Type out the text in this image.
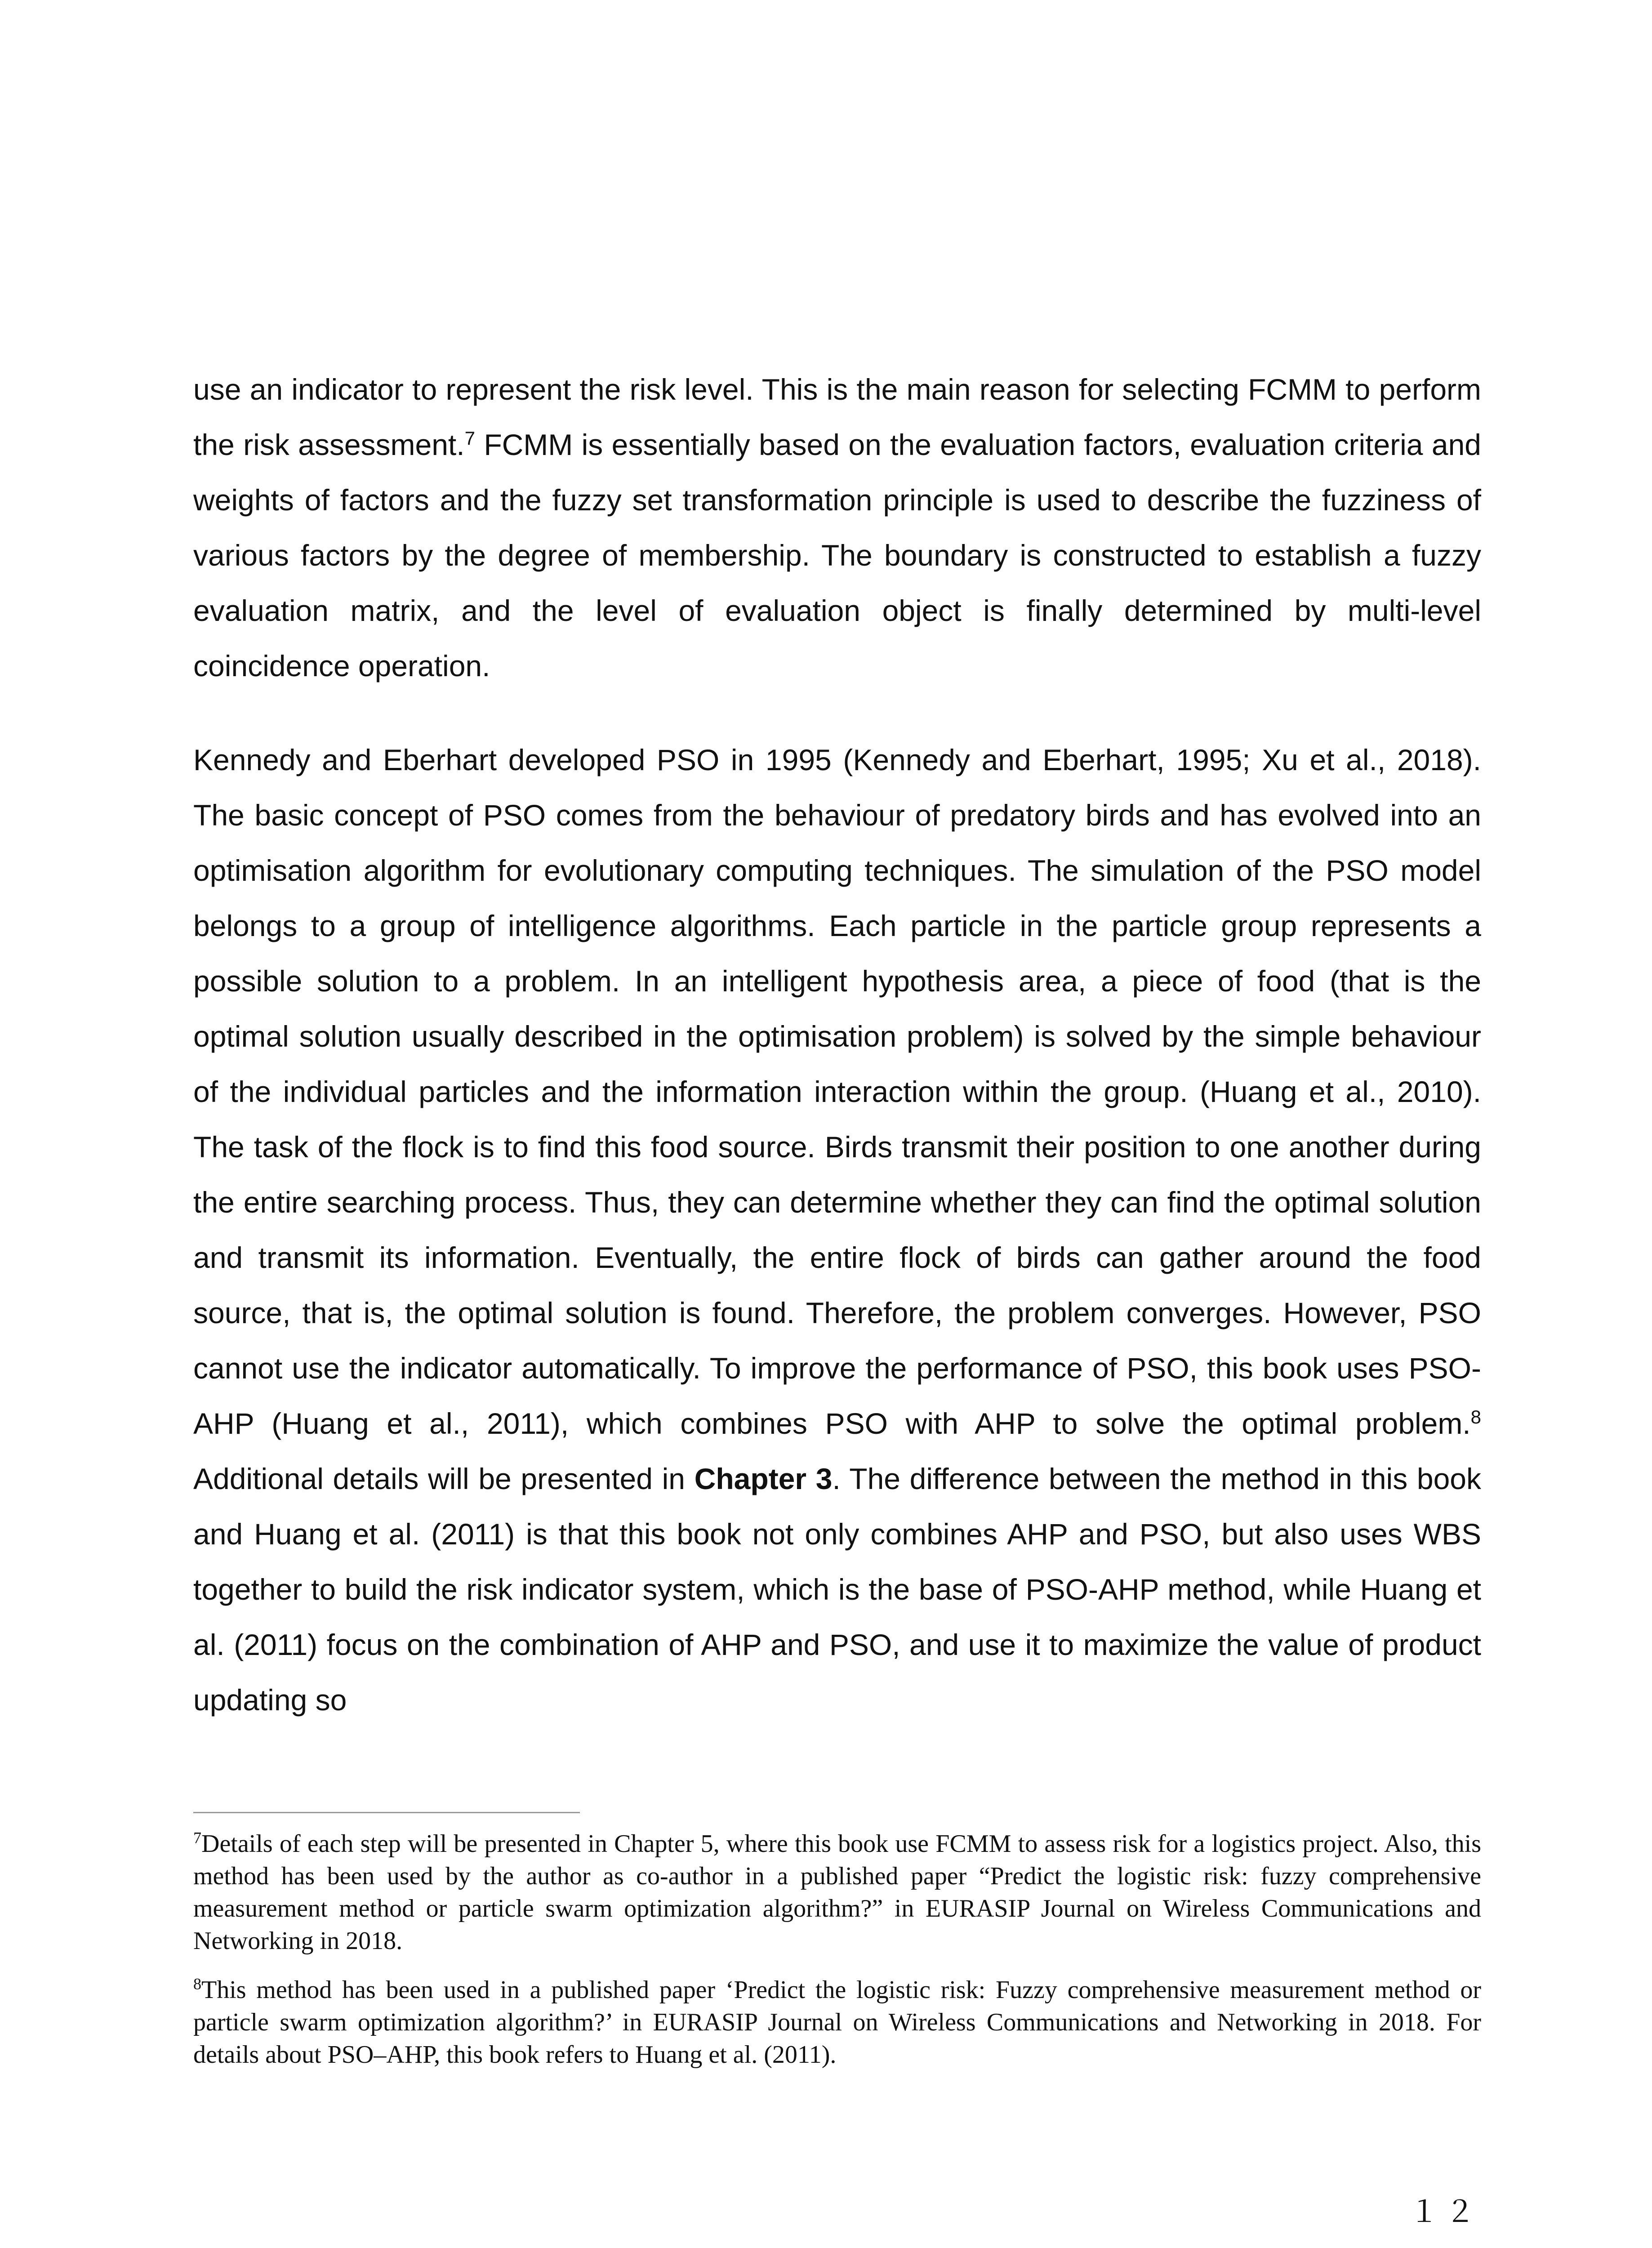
use an indicator to represent the risk level. This is the main reason for selecting FCMM to perform the risk assessment.$^7$ FCMM is essentially based on the evaluation factors, evaluation criteria and weights of factors and the fuzzy set transformation principle is used to describe the fuzziness of various factors by the degree of membership. The boundary is constructed to establish a fuzzy evaluation matrix, and the level of evaluation object is finally determined by multi-level coincidence operation.

Kennedy and Eberhart developed PSO in 1995 (Kennedy and Eberhart, 1995; Xu et al., 2018). The basic concept of PSO comes from the behaviour of predatory birds and has evolved into an optimisation algorithm for evolutionary computing techniques. The simulation of the PSO model belongs to a group of intelligence algorithms. Each particle in the particle group represents a possible solution to a problem. In an intelligent hypothesis area, a piece of food (that is the optimal solution usually described in the optimisation problem) is solved by the simple behaviour of the individual particles and the information interaction within the group. (Huang et al., 2010). The task of the flock is to find this food source. Birds transmit their position to one another during the entire searching process. Thus, they can determine whether they can find the optimal solution and transmit its information. Eventually, the entire flock of birds can gather around the food source, that is, the optimal solution is found. Therefore, the problem converges. However, PSO cannot use the indicator automatically. To improve the performance of PSO, this book uses PSO-AHP (Huang et al., 2011), which combines PSO with AHP to solve the optimal problem.$^8$ Additional details will be presented in Chapter 3. The difference between the method in this book and Huang et al. (2011) is that this book not only combines AHP and PSO, but also uses WBS together to build the risk indicator system, which is the base of PSO-AHP method, while Huang et al. (2011) focus on the combination of AHP and PSO, and use it to maximize the value of product updating so

$^7$Details of each step will be presented in Chapter 5, where this book use FCMM to assess risk for a logistics project. Also, this method has been used by the author as co-author in a published paper “Predict the logistic risk: fuzzy comprehensive measurement method or particle swarm optimization algorithm?” in EURASIP Journal on Wireless Communications and Networking in 2018.

$^8$This method has been used in a published paper ‘Predict the logistic risk: Fuzzy comprehensive measurement method or particle swarm optimization algorithm?’ in EURASIP Journal on Wireless Communications and Networking in 2018. For details about PSO–AHP, this book refers to Huang et al. (2011).

１２
